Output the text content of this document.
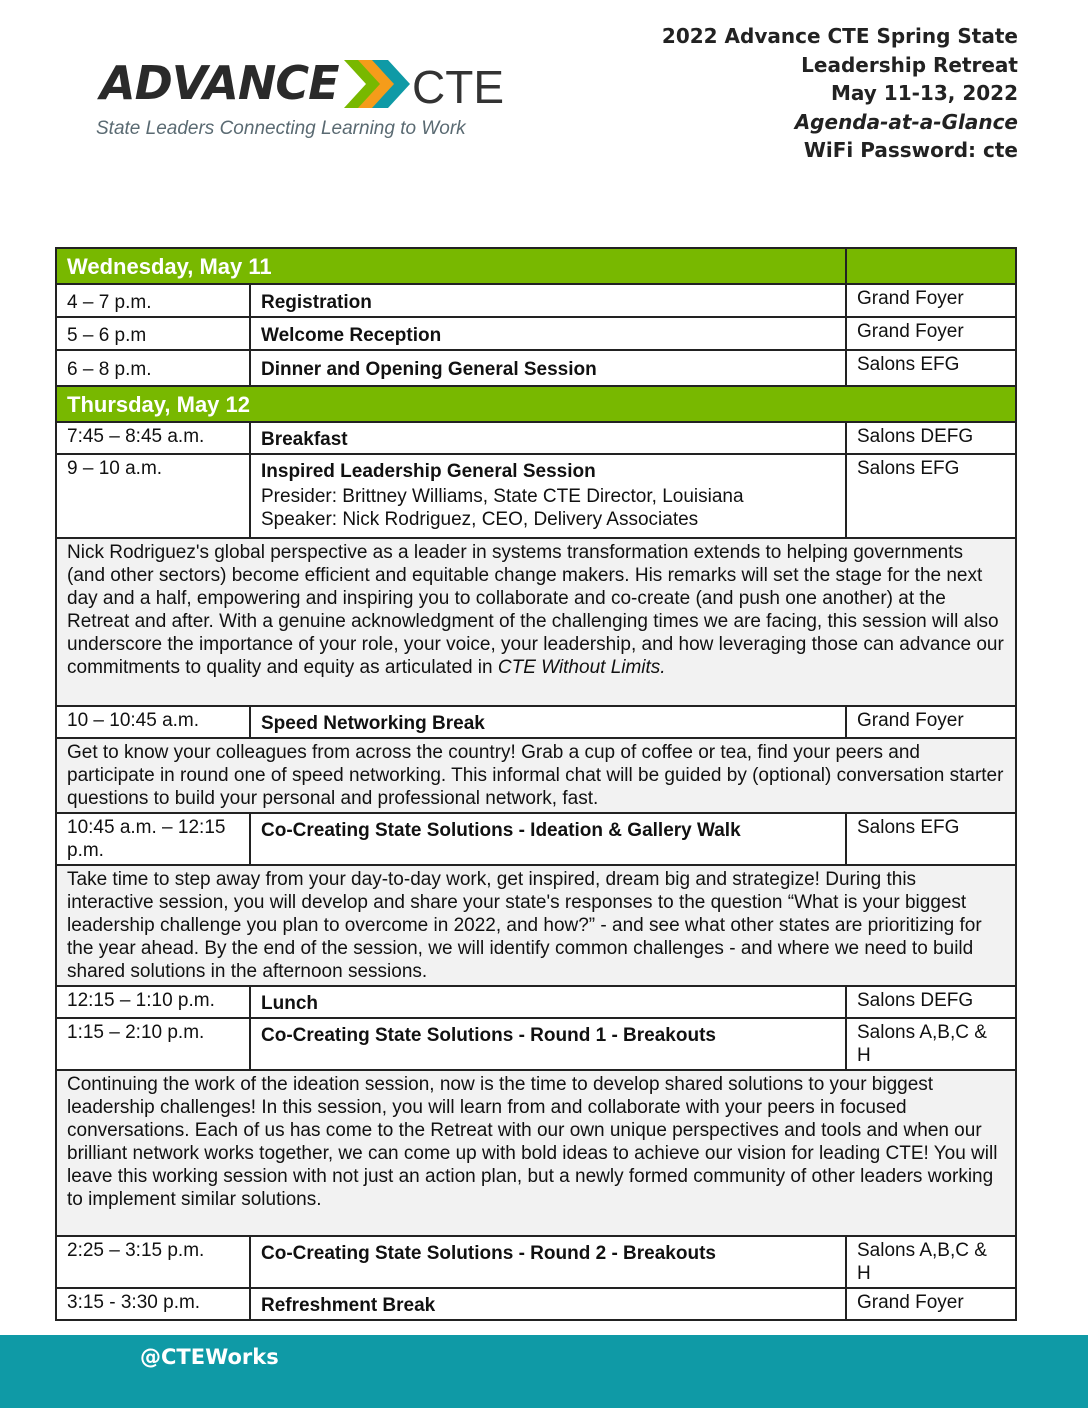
ADVANCE CTE
State Leaders Connecting Learning to Work
2022 Advance CTE Spring State
Leadership Retreat
May 11-13, 2022
Agenda-at-a-Glance
WiFi Password: cte
Wednesday, May 11		
4 – 7 p.m.	Registration	Grand Foyer
5 – 6 p.m	Welcome Reception	Grand Foyer
6 – 8 p.m.	Dinner and Opening General Session	Salons EFG
Thursday, May 12		
7:45 – 8:45 a.m.	Breakfast	Salons DEFG
9 – 10 a.m.	Inspired Leadership General Session
Presider: Brittney Williams, State CTE Director, Louisiana
Speaker: Nick Rodriguez, CEO, Delivery Associates	Salons EFG
Nick Rodriguez's global perspective as a leader in systems transformation extends to helping governments (and other sectors) become efficient and equitable change makers. His remarks will set the stage for the next day and a half, empowering and inspiring you to collaborate and co-create (and push one another) at the Retreat and after. With a genuine acknowledgment of the challenging times we are facing, this session will also underscore the importance of your role, your voice, your leadership, and how leveraging those can advance our commitments to quality and equity as articulated in CTE Without Limits.		
10 – 10:45 a.m.	Speed Networking Break	Grand Foyer
Get to know your colleagues from across the country! Grab a cup of coffee or tea, find your peers and participate in round one of speed networking. This informal chat will be guided by (optional) conversation starter questions to build your personal and professional network, fast.		
10:45 a.m. – 12:15 p.m.	Co-Creating State Solutions - Ideation & Gallery Walk	Salons EFG
Take time to step away from your day-to-day work, get inspired, dream big and strategize! During this interactive session, you will develop and share your state's responses to the question “What is your biggest leadership challenge you plan to overcome in 2022, and how?” - and see what other states are prioritizing for the year ahead. By the end of the session, we will identify common challenges - and where we need to build shared solutions in the afternoon sessions.		
12:15 – 1:10 p.m.	Lunch	Salons DEFG
1:15 – 2:10 p.m.	Co-Creating State Solutions - Round 1 - Breakouts	Salons A,B,C & H
Continuing the work of the ideation session, now is the time to develop shared solutions to your biggest leadership challenges! In this session, you will learn from and collaborate with your peers in focused conversations. Each of us has come to the Retreat with our own unique perspectives and tools and when our brilliant network works together, we can come up with bold ideas to achieve our vision for leading CTE! You will leave this working session with not just an action plan, but a newly formed community of other leaders working to implement similar solutions.		
2:25 – 3:15 p.m.	Co-Creating State Solutions - Round 2 - Breakouts	Salons A,B,C & H
3:15 - 3:30 p.m.	Refreshment Break	Grand Foyer
@CTEWorks
